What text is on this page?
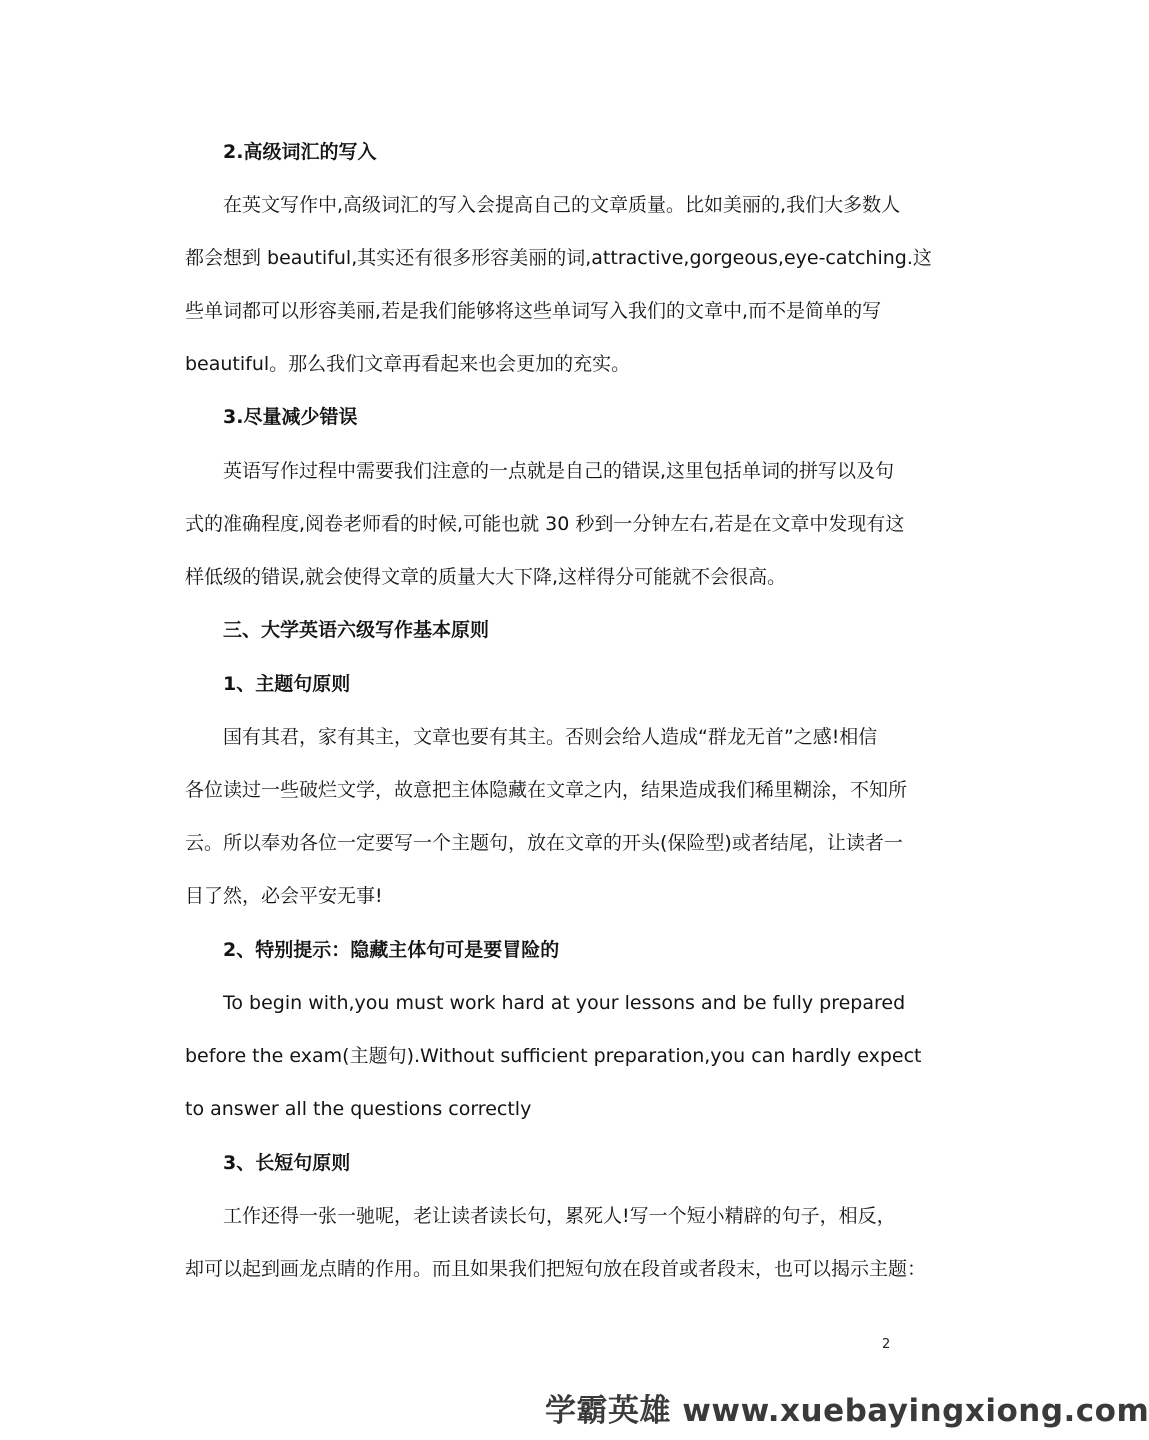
2.高级词汇的写入
在英文写作中,高级词汇的写入会提高自己的文章质量。比如美丽的,我们大多数人
都会想到 beautiful,其实还有很多形容美丽的词,attractive,gorgeous,eye-catching.这
些单词都可以形容美丽,若是我们能够将这些单词写入我们的文章中,而不是简单的写
beautiful。那么我们文章再看起来也会更加的充实。
3.尽量减少错误
英语写作过程中需要我们注意的一点就是自己的错误,这里包括单词的拼写以及句
式的准确程度,阅卷老师看的时候,可能也就 30 秒到一分钟左右,若是在文章中发现有这
样低级的错误,就会使得文章的质量大大下降,这样得分可能就不会很高。
三、大学英语六级写作基本原则
1、主题句原则
国有其君，家有其主，文章也要有其主。否则会给人造成“群龙无首”之感!相信
各位读过一些破烂文学，故意把主体隐藏在文章之内，结果造成我们稀里糊涂，不知所
云。所以奉劝各位一定要写一个主题句，放在文章的开头(保险型)或者结尾，让读者一
目了然，必会平安无事!
2、特别提示：隐藏主体句可是要冒险的
To begin with,you must work hard at your lessons and be fully prepared
before the exam(主题句).Without sufficient preparation,you can hardly expect
to answer all the questions correctly
3、长短句原则
工作还得一张一驰呢，老让读者读长句，累死人!写一个短小精辟的句子，相反，
却可以起到画龙点睛的作用。而且如果我们把短句放在段首或者段末，也可以揭示主题：
2
学霸英雄 www.xuebayingxiong.com
